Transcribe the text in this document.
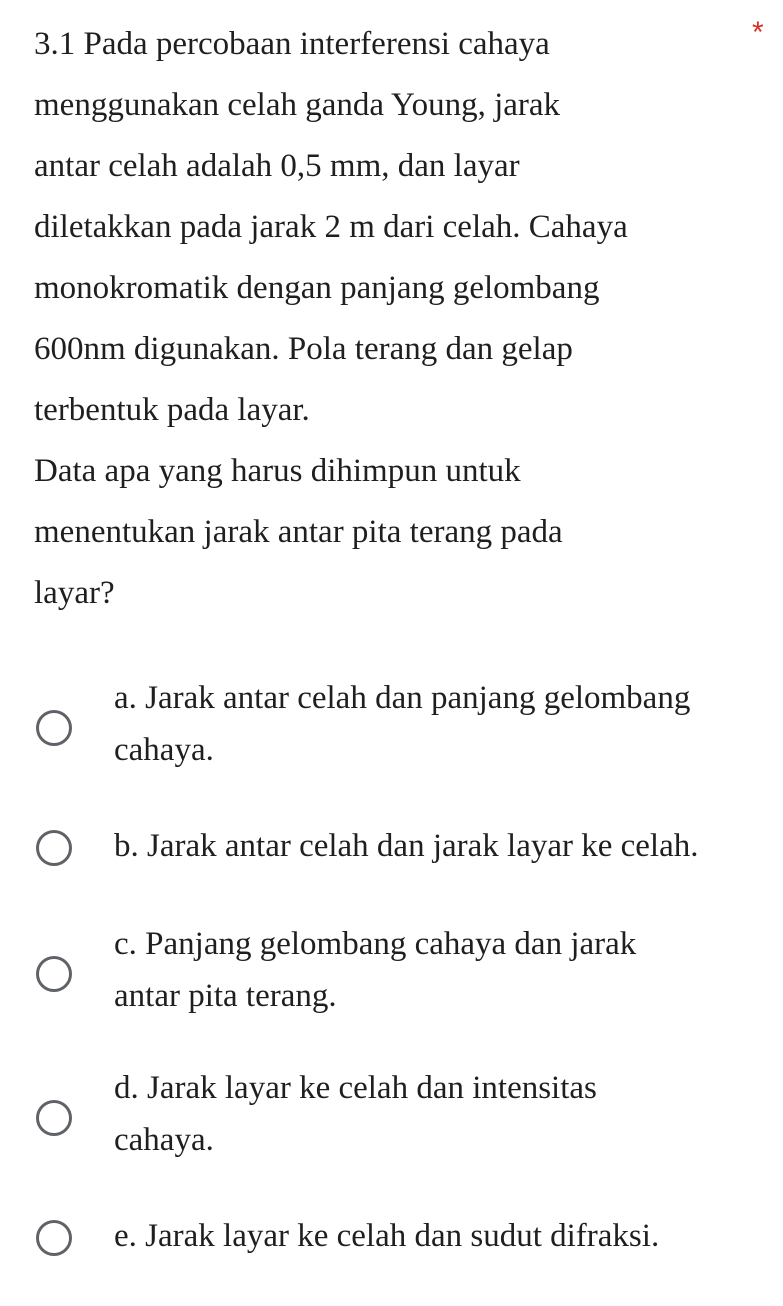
3.1 Pada percobaan interferensi cahaya
menggunakan celah ganda Young, jarak
antar celah adalah 0,5 mm, dan layar
diletakkan pada jarak 2 m dari celah. Cahaya
monokromatik dengan panjang gelombang
600nm digunakan. Pola terang dan gelap
terbentuk pada layar.
Data apa yang harus dihimpun untuk
menentukan jarak antar pita terang pada
layar?
*
a. Jarak antar celah dan panjang gelombang
cahaya.
b. Jarak antar celah dan jarak layar ke celah.
c. Panjang gelombang cahaya dan jarak
antar pita terang.
d. Jarak layar ke celah dan intensitas
cahaya.
e. Jarak layar ke celah dan sudut difraksi.
